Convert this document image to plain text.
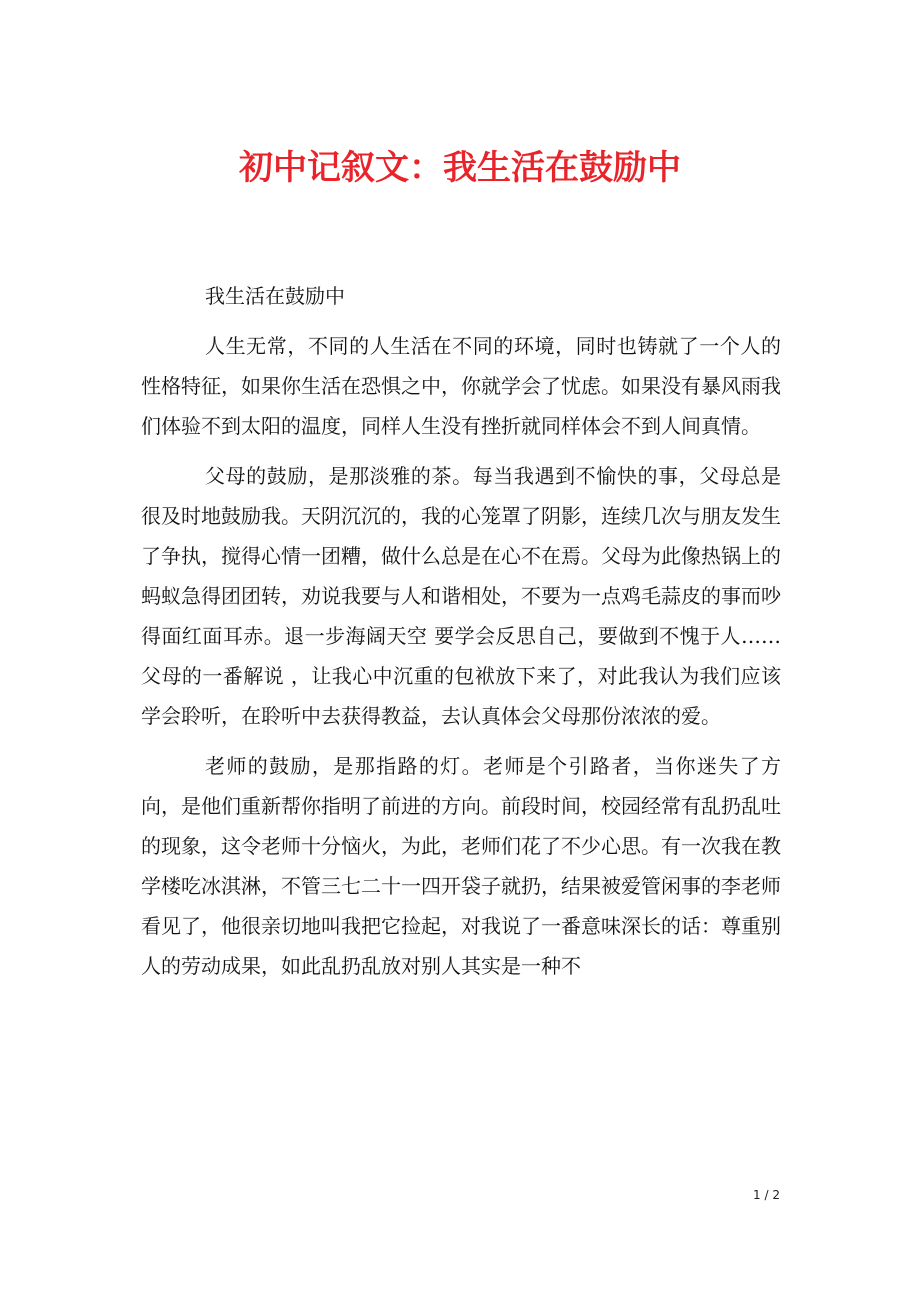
初中记叙文：我生活在鼓励中

我生活在鼓励中

人生无常，不同的人生活在不同的环境，同时也铸就了一个人的性格特征，如果你生活在恐惧之中，你就学会了忧虑。如果没有暴风雨我们体验不到太阳的温度，同样人生没有挫折就同样体会不到人间真情。

父母的鼓励，是那淡雅的茶。每当我遇到不愉快的事，父母总是很及时地鼓励我。天阴沉沉的，我的心笼罩了阴影，连续几次与朋友发生了争执，搅得心情一团糟，做什么总是在心不在焉。父母为此像热锅上的蚂蚁急得团团转，劝说我要与人和谐相处，不要为一点鸡毛蒜皮的事而吵得面红面耳赤。退一步海阔天空 要学会反思自己，要做到不愧于人……父母的一番解说 ，让我心中沉重的包袱放下来了，对此我认为我们应该学会聆听，在聆听中去获得教益，去认真体会父母那份浓浓的爱。

老师的鼓励，是那指路的灯。老师是个引路者，当你迷失了方向，是他们重新帮你指明了前进的方向。前段时间，校园经常有乱扔乱吐的现象，这令老师十分恼火，为此，老师们花了不少心思。有一次我在教学楼吃冰淇淋，不管三七二十一四开袋子就扔，结果被爱管闲事的李老师看见了，他很亲切地叫我把它捡起，对我说了一番意味深长的话：尊重别人的劳动成果，如此乱扔乱放对别人其实是一种不

1 / 2
